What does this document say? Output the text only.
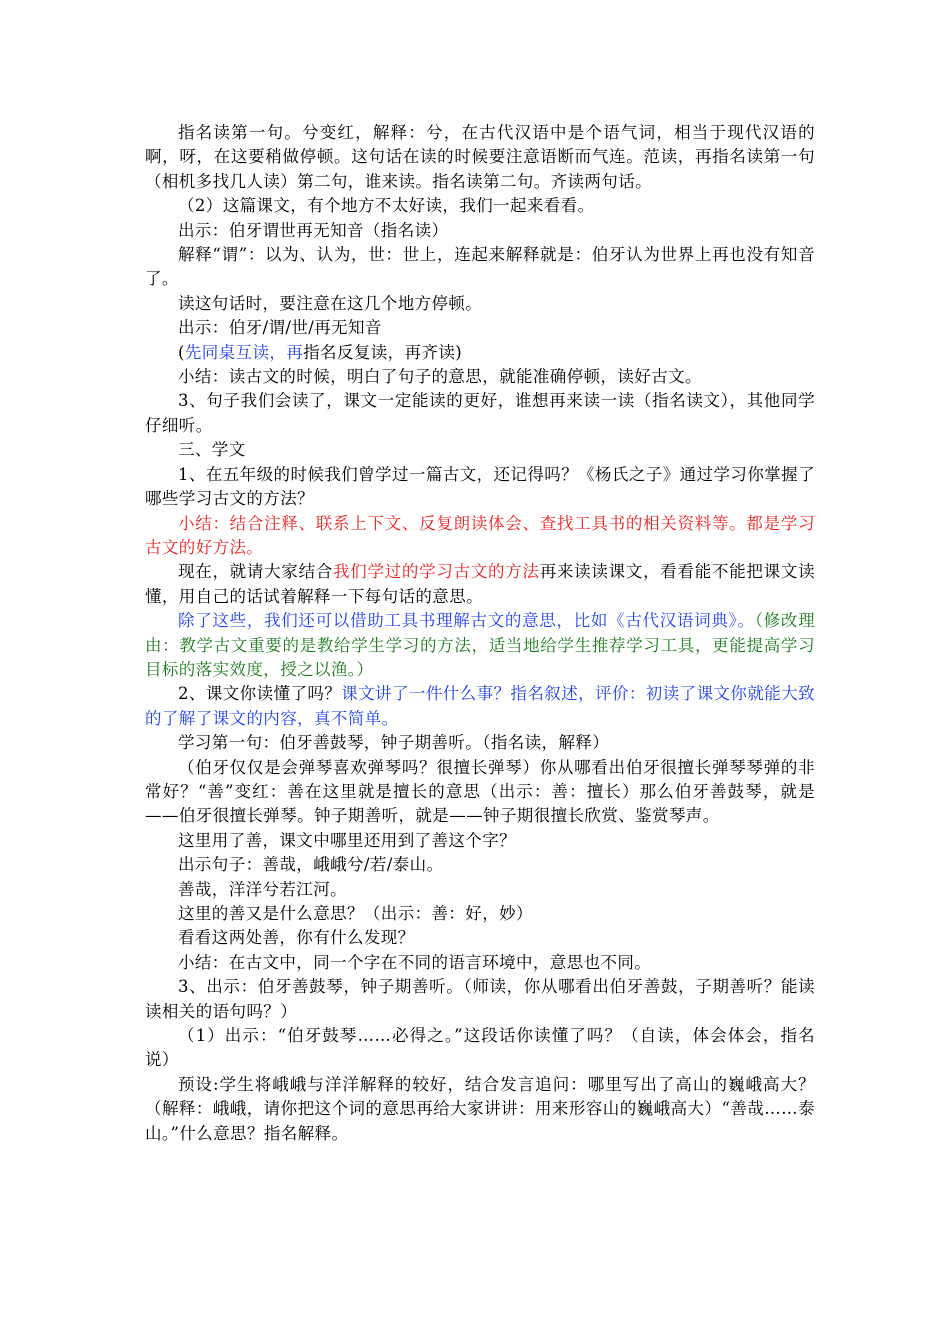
指名读第一句。兮变红，解释：兮，在古代汉语中是个语气词，相当于现代汉语的啊，呀，在这要稍做停顿。这句话在读的时候要注意语断而气连。范读，再指名读第一句（相机多找几人读）第二句，谁来读。指名读第二句。齐读两句话。

（2）这篇课文，有个地方不太好读，我们一起来看看。

出示：伯牙谓世再无知音（指名读）

解释“谓”：以为、认为，世：世上，连起来解释就是：伯牙认为世界上再也没有知音了。

读这句话时，要注意在这几个地方停顿。

出示：伯牙/谓/世/再无知音

(先同桌互读，再指名反复读，再齐读)

小结：读古文的时候，明白了句子的意思，就能准确停顿，读好古文。

3、句子我们会读了，课文一定能读的更好，谁想再来读一读（指名读文），其他同学仔细听。

三、学文

1、在五年级的时候我们曾学过一篇古文，还记得吗？《杨氏之子》通过学习你掌握了哪些学习古文的方法？

小结：结合注释、联系上下文、反复朗读体会、查找工具书的相关资料等。都是学习古文的好方法。

现在，就请大家结合我们学过的学习古文的方法再来读读课文，看看能不能把课文读懂，用自己的话试着解释一下每句话的意思。

除了这些，我们还可以借助工具书理解古文的意思，比如《古代汉语词典》。（修改理由：教学古文重要的是教给学生学习的方法，适当地给学生推荐学习工具，更能提高学习目标的落实效度，授之以渔。）

2、课文你读懂了吗？课文讲了一件什么事？指名叙述，评价：初读了课文你就能大致的了解了课文的内容，真不简单。

学习第一句：伯牙善鼓琴，钟子期善听。（指名读，解释）

（伯牙仅仅是会弹琴喜欢弹琴吗？很擅长弹琴）你从哪看出伯牙很擅长弹琴琴弹的非常好？“善”变红：善在这里就是擅长的意思（出示：善：擅长）那么伯牙善鼓琴，就是——伯牙很擅长弹琴。钟子期善听，就是——钟子期很擅长欣赏、鉴赏琴声。

这里用了善，课文中哪里还用到了善这个字？

出示句子：善哉，峨峨兮/若/泰山。

善哉，洋洋兮若江河。

这里的善又是什么意思？（出示：善：好，妙）

看看这两处善，你有什么发现？

小结：在古文中，同一个字在不同的语言环境中，意思也不同。

3、出示：伯牙善鼓琴，钟子期善听。（师读，你从哪看出伯牙善鼓，子期善听？能读读相关的语句吗？）

（1）出示：“伯牙鼓琴……必得之。”这段话你读懂了吗？（自读，体会体会，指名说）

预设:学生将峨峨与洋洋解释的较好，结合发言追问：哪里写出了高山的巍峨高大？（解释：峨峨，请你把这个词的意思再给大家讲讲：用来形容山的巍峨高大）“善哉……泰山。”什么意思？指名解释。
